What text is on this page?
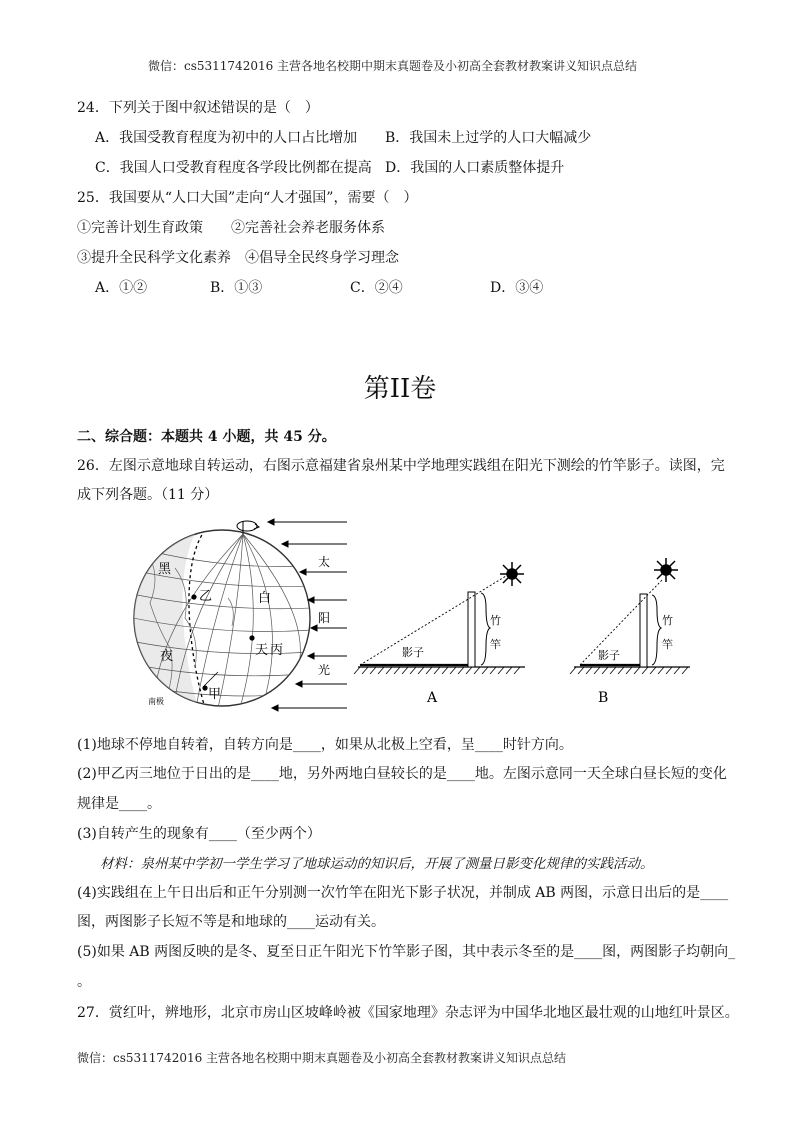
微信：cs5311742016 主营各地名校期中期末真题卷及小初高全套教材教案讲义知识点总结
24．下列关于图中叙述错误的是（　）
A．我国受教育程度为初中的人口占比增加 B．我国未上过学的人口大幅减少
C．我国人口受教育程度各学段比例都在提高 D．我国的人口素质整体提升
25．我国要从“人口大国”走向“人才强国”，需要（　）
①完善计划生育政策　　②完善社会养老服务体系
③提升全民科学文化素养　④倡导全民终身学习理念
A．①②	B．①③	C．②④	D．③④
第II卷
二、综合题：本题共 4 小题，共 45 分。
26．左图示意地球自转运动，右图示意福建省泉州某中学地理实践组在阳光下测绘的竹竿影子。读图，完
成下列各题。（11 分）
黑
白
夜	天
乙
丙
甲
南极
太
阳
光
竹
竿
影子
A
竹
竿
影子
B
(1)地球不停地自转着，自转方向是____，如果从北极上空看，呈____时针方向。
(2)甲乙丙三地位于日出的是____地，另外两地白昼较长的是____地。左图示意同一天全球白昼长短的变化
规律是____。
(3)自转产生的现象有____（至少两个）
材料：泉州某中学初一学生学习了地球运动的知识后，开展了测量日影变化规律的实践活动。
(4)实践组在上午日出后和正午分别测一次竹竿在阳光下影子状况，并制成 AB 两图，示意日出后的是____
图，两图影子长短不等是和地球的____运动有关。
(5)如果 AB 两图反映的是冬、夏至日正午阳光下竹竿影子图，其中表示冬至的是____图，两图影子均朝向_
。
27．赏红叶，辨地形，北京市房山区坡峰岭被《国家地理》杂志评为中国华北地区最壮观的山地红叶景区。
微信：cs5311742016 主营各地名校期中期末真题卷及小初高全套教材教案讲义知识点总结
